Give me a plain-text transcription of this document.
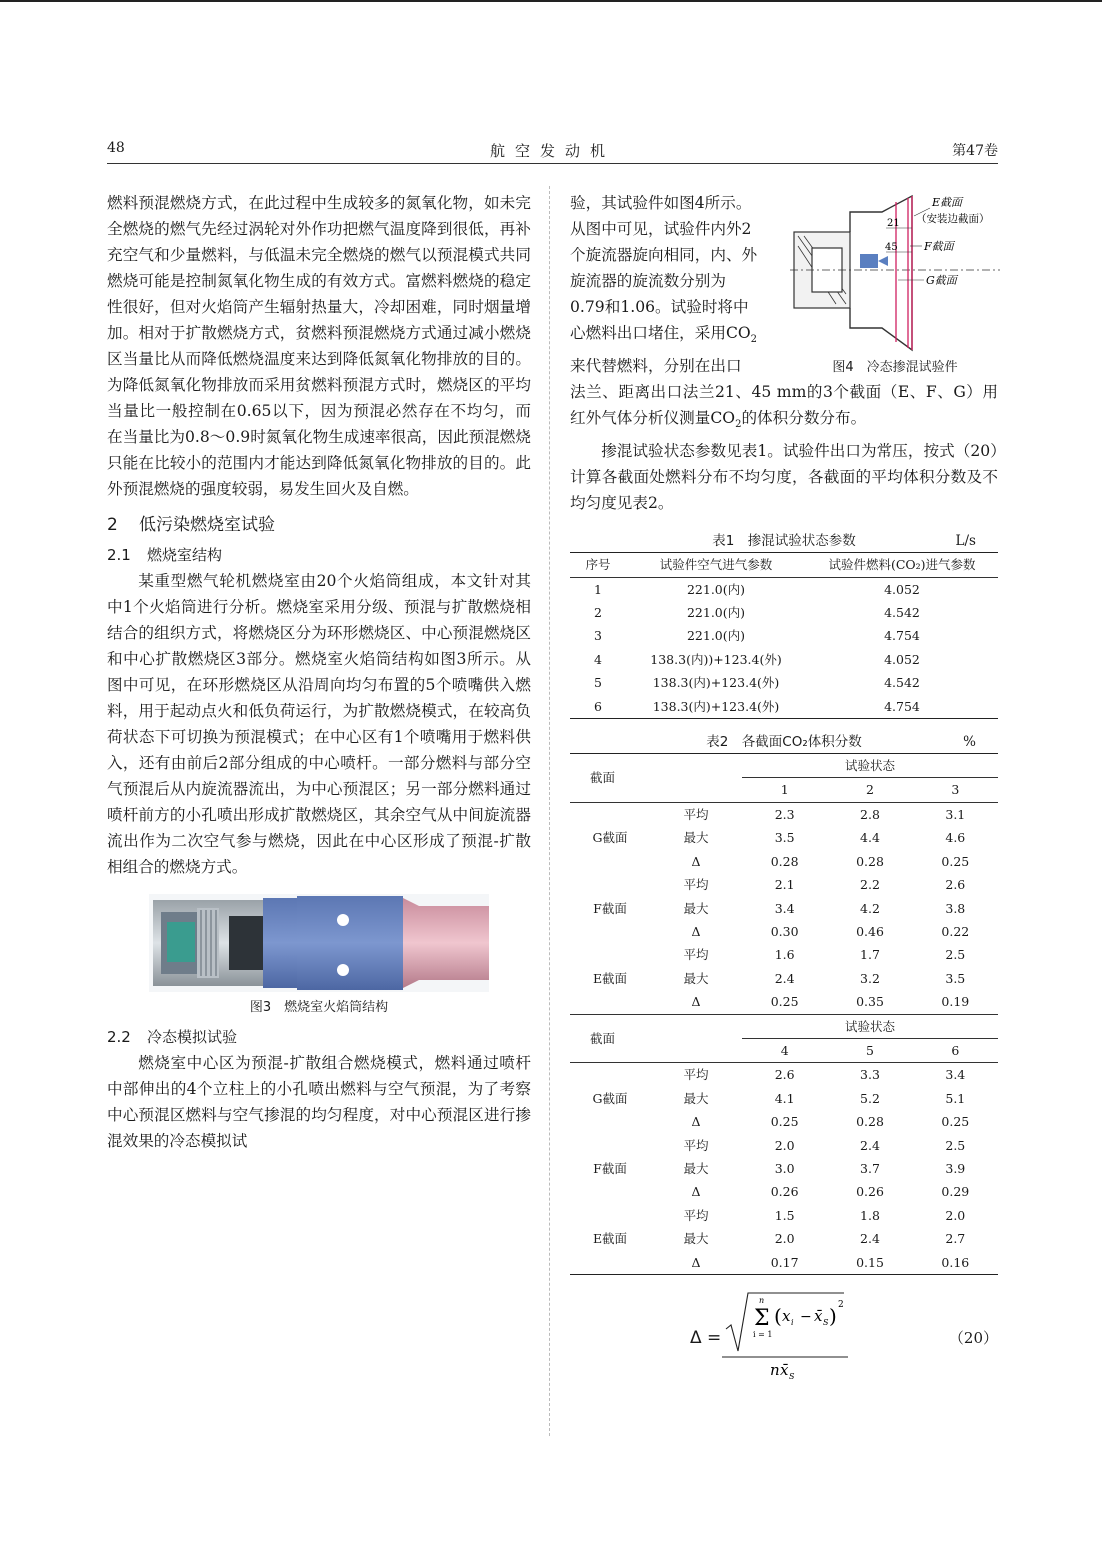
48	航空发动机	第47卷

燃料预混燃烧方式，在此过程中生成较多的氮氧化物，如未完全燃烧的燃气先经过涡轮对外作功把燃气温度降到很低，再补充空气和少量燃料，与低温未完全燃烧的燃气以预混模式共同燃烧可能是控制氮氧化物生成的有效方式。富燃料燃烧的稳定性很好，但对火焰筒产生辐射热量大，冷却困难，同时烟量增加。相对于扩散燃烧方式，贫燃料预混燃烧方式通过减小燃烧区当量比从而降低燃烧温度来达到降低氮氧化物排放的目的。为降低氮氧化物排放而采用贫燃料预混方式时，燃烧区的平均当量比一般控制在0.65以下，因为预混必然存在不均匀，而在当量比为0.8～0.9时氮氧化物生成速率很高，因此预混燃烧只能在比较小的范围内才能达到降低氮氧化物排放的目的。此外预混燃烧的强度较弱，易发生回火及自燃。

2 低污染燃烧室试验
2.1 燃烧室结构

某重型燃气轮机燃烧室由20个火焰筒组成，本文针对其中1个火焰筒进行分析。燃烧室采用分级、预混与扩散燃烧相结合的组织方式，将燃烧区分为环形燃烧区、中心预混燃烧区和中心扩散燃烧区3部分。燃烧室火焰筒结构如图3所示。从图中可见，在环形燃烧区从沿周向均匀布置的5个喷嘴供入燃料，用于起动点火和低负荷运行，为扩散燃烧模式，在较高负荷状态下可切换为预混模式；在中心区有1个喷嘴用于燃料供入，还有由前后2部分组成的中心喷杆。一部分燃料与部分空气预混后从内旋流器流出，为中心预混区；另一部分燃料通过喷杆前方的小孔喷出形成扩散燃烧区，其余空气从中间旋流器流出作为二次空气参与燃烧，因此在中心区形成了预混-扩散相组合的燃烧方式。

图3　燃烧室火焰筒结构
2.2 冷态模拟试验

燃烧室中心区为预混-扩散组合燃烧模式，燃料通过喷杆中部伸出的4个立柱上的小孔喷出燃料与空气预混，为了考察中心预混区燃料与空气掺混的均匀程度，对中心预混区进行掺混效果的冷态模拟试

21
45
E截面
（安装边截面）
F截面
G截面
图4　冷态掺混试验件
验，其试验件如图4所示。
从图中可见，试验件内外2
个旋流器旋向相同，内、外
旋流器的旋流数分别为
0.79和1.06。试验时将中
心燃料出口堵住，采用$CO_2$
来代替燃料，分别在出口

法兰、距离出口法兰21、45 mm的3个截面（E、F、G）用红外气体分析仪测量$CO_2$的体积分数分布。

掺混试验状态参数见表1。试验件出口为常压，按式（20）计算各截面处燃料分布不均匀度，各截面的平均体积分数及不均匀度见表2。

表1　掺混试验状态参数	L/s
序号	试验件空气进气参数	试验件燃料(CO₂)进气参数
1	221.0(内)	4.052
2	221.0(内)	4.542
3	221.0(内)	4.754
4	138.3(内))+123.4(外)	4.052
5	138.3(内)+123.4(外)	4.542
6	138.3(内)+123.4(外)	4.754
表2　各截面CO₂体积分数	%
截面		试验状态		
		1	2	3
G截面	平均	2.3	2.8	3.1
	最大	3.5	4.4	4.6
	Δ	0.28	0.28	0.25
F截面	平均	2.1	2.2	2.6
	最大	3.4	4.2	3.8
	Δ	0.30	0.46	0.22
E截面	平均	1.6	1.7	2.5
	最大	2.4	3.2	3.5
	Δ	0.25	0.35	0.19
截面		试验状态		
		4	5	6
G截面	平均	2.6	3.3	3.4
	最大	4.1	5.2	5.1
	Δ	0.25	0.28	0.25
F截面	平均	2.0	2.4	2.5
	最大	3.0	3.7	3.9
	Δ	0.26	0.26	0.29
E截面	平均	1.5	1.8	2.0
	最大	2.0	2.4	2.7
	Δ	0.17	0.15	0.16
Δ =
Σ
n
i = 1
( x i − x̄ S ) 2
n x̄ S
（20）
